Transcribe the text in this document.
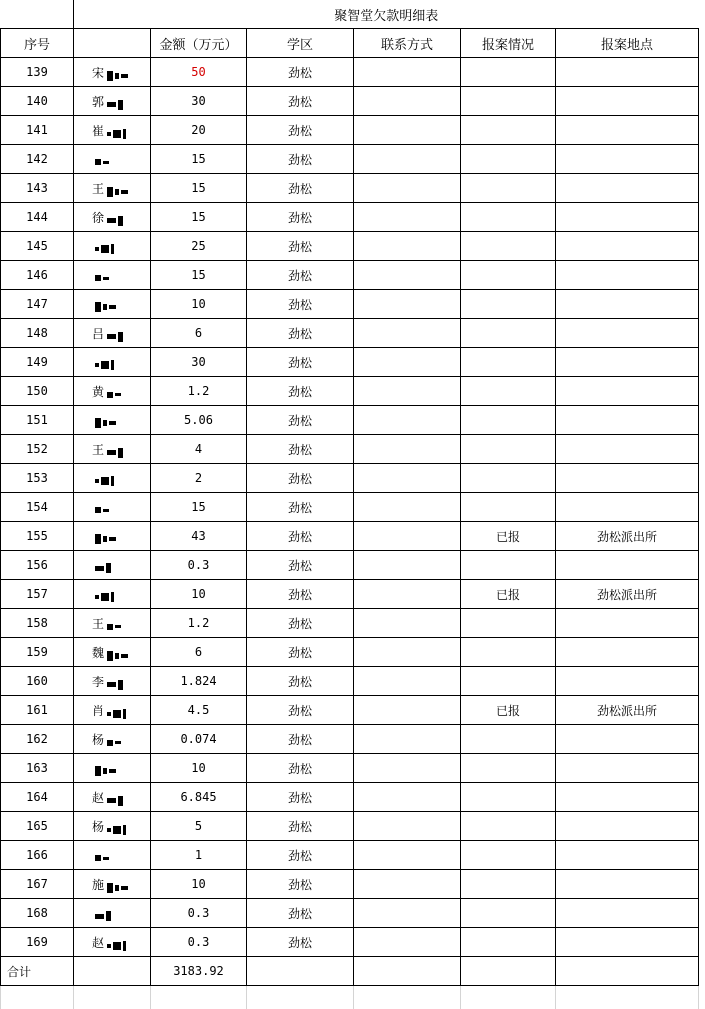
	聚智堂欠款明细表					
序号		金额（万元）	学区	联系方式	报案情况	报案地点
139	宋	50	劲松			
140	郭	30	劲松			
141	崔	20	劲松			
142		15	劲松			
143	王	15	劲松			
144	徐	15	劲松			
145		25	劲松			
146		15	劲松			
147		10	劲松			
148	吕	6	劲松			
149		30	劲松			
150	黄	1.2	劲松			
151		5.06	劲松			
152	王	4	劲松			
153		2	劲松			
154		15	劲松			
155		43	劲松		已报	劲松派出所
156		0.3	劲松			
157		10	劲松		已报	劲松派出所
158	王	1.2	劲松			
159	魏	6	劲松			
160	李	1.824	劲松			
161	肖	4.5	劲松		已报	劲松派出所
162	杨	0.074	劲松			
163		10	劲松			
164	赵	6.845	劲松			
165	杨	5	劲松			
166		1	劲松			
167	施	10	劲松			
168		0.3	劲松			
169	赵	0.3	劲松			
合计		3183.92				
